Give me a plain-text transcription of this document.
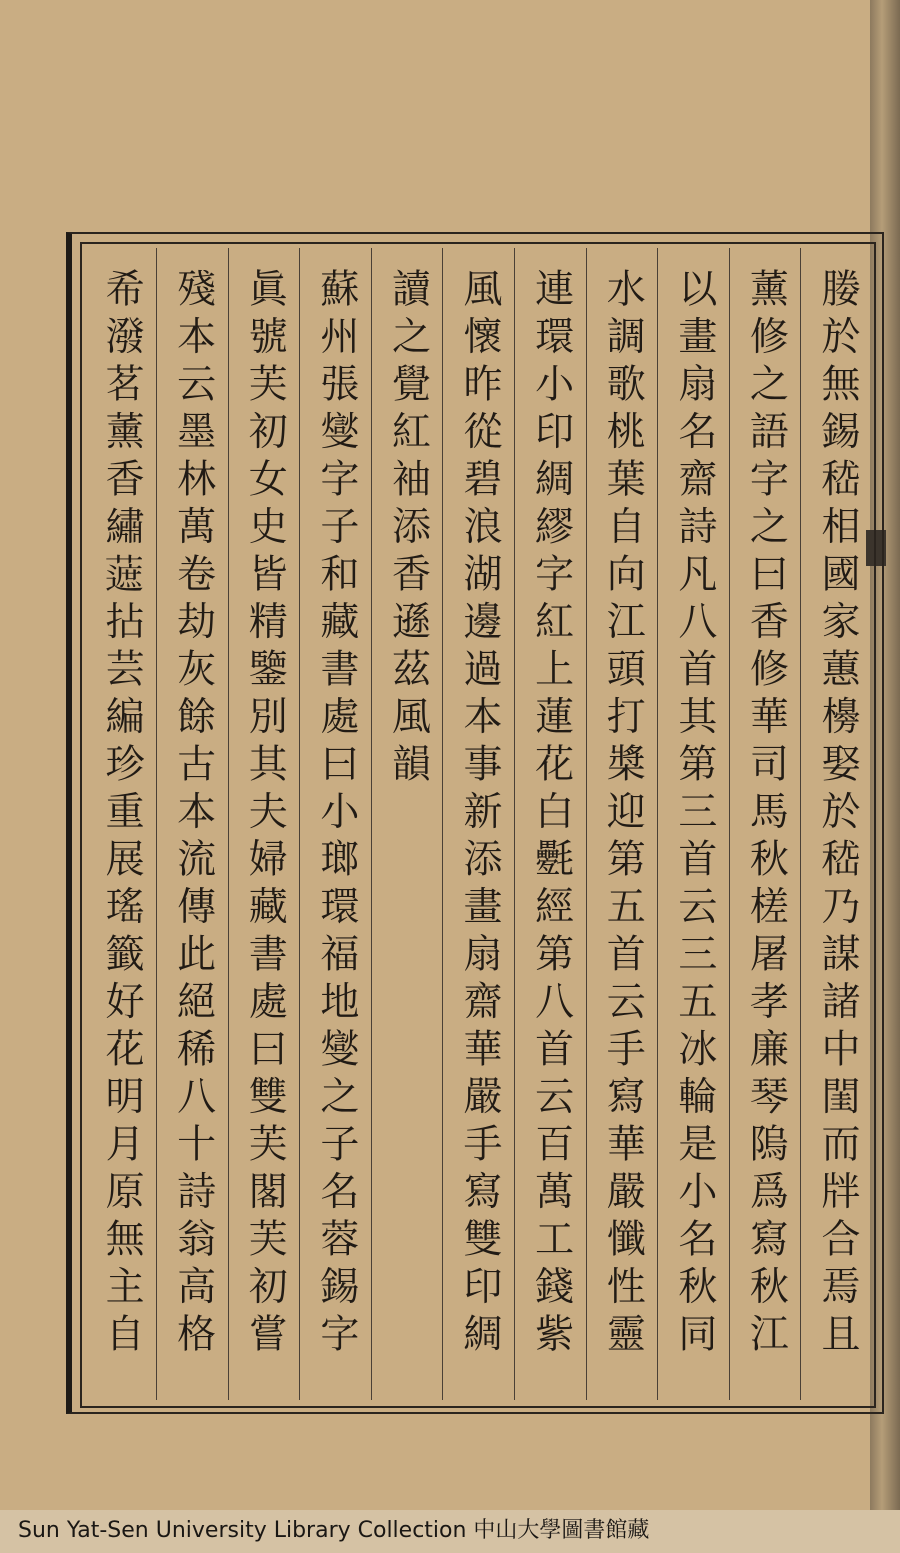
媵於無錫嵇相國家蕙櫋娶於嵇乃謀諸中閨而牉合焉且
薰修之語字之曰香修華司馬秋槎屠孝廉琴隖爲寫秋江
以畫扇名齋詩凡八首其第三首云三五冰輪是小名秋同
水調歌桃葉自向江頭打槳迎第五首云手寫華嚴懺性靈
連環小印綢繆字紅上蓮花白氎經第八首云百萬工錢紫
風懷昨從碧浪湖邊過本事新添畫扇齋華嚴手寫雙印綢
讀之覺紅袖添香遜茲風韻
蘇州張燮字子和藏書處曰小瑯環福地燮之子名蓉錫字
眞號芙初女史皆精鑒別其夫婦藏書處曰雙芙閣芙初嘗
殘本云墨林萬卷劫灰餘古本流傳此絕稀八十詩翁高格
希潑茗薰香繡𧀹拈芸編珍重展瑤籤好花明月原無主自
Sun Yat-Sen University Library Collection 中山大學圖書館藏
